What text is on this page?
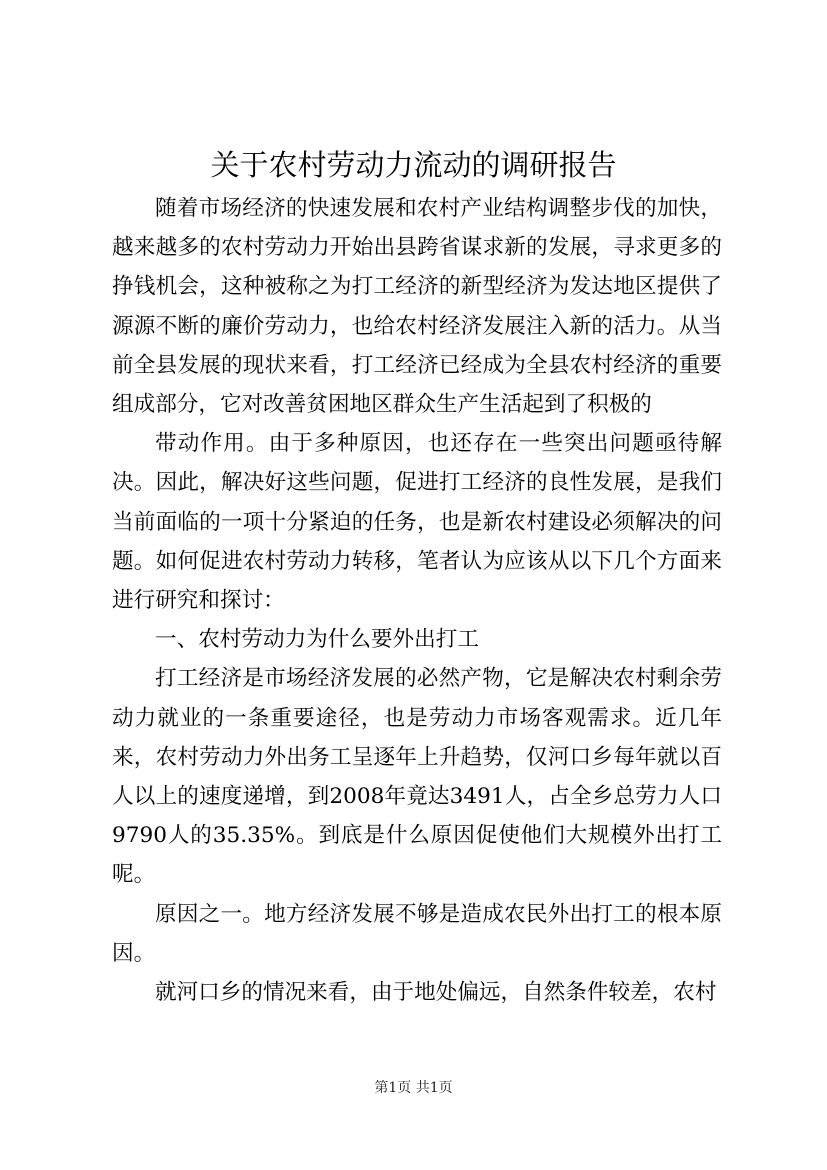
关于农村劳动力流动的调研报告

随着市场经济的快速发展和农村产业结构调整步伐的加快，越来越多的农村劳动力开始出县跨省谋求新的发展，寻求更多的挣钱机会，这种被称之为打工经济的新型经济为发达地区提供了源源不断的廉价劳动力，也给农村经济发展注入新的活力。从当前全县发展的现状来看，打工经济已经成为全县农村经济的重要组成部分，它对改善贫困地区群众生产生活起到了积极的

带动作用。由于多种原因，也还存在一些突出问题亟待解决。因此，解决好这些问题，促进打工经济的良性发展，是我们当前面临的一项十分紧迫的任务，也是新农村建设必须解决的问题。如何促进农村劳动力转移，笔者认为应该从以下几个方面来进行研究和探讨：

一、农村劳动力为什么要外出打工

打工经济是市场经济发展的必然产物，它是解决农村剩余劳动力就业的一条重要途径，也是劳动力市场客观需求。近几年来，农村劳动力外出务工呈逐年上升趋势，仅河口乡每年就以百人以上的速度递增，到2008年竟达3491人，占全乡总劳力人口9790人的35.35%。到底是什么原因促使他们大规模外出打工呢。

原因之一。地方经济发展不够是造成农民外出打工的根本原因。

就河口乡的情况来看，由于地处偏远，自然条件较差，农村

第1页 共1页
